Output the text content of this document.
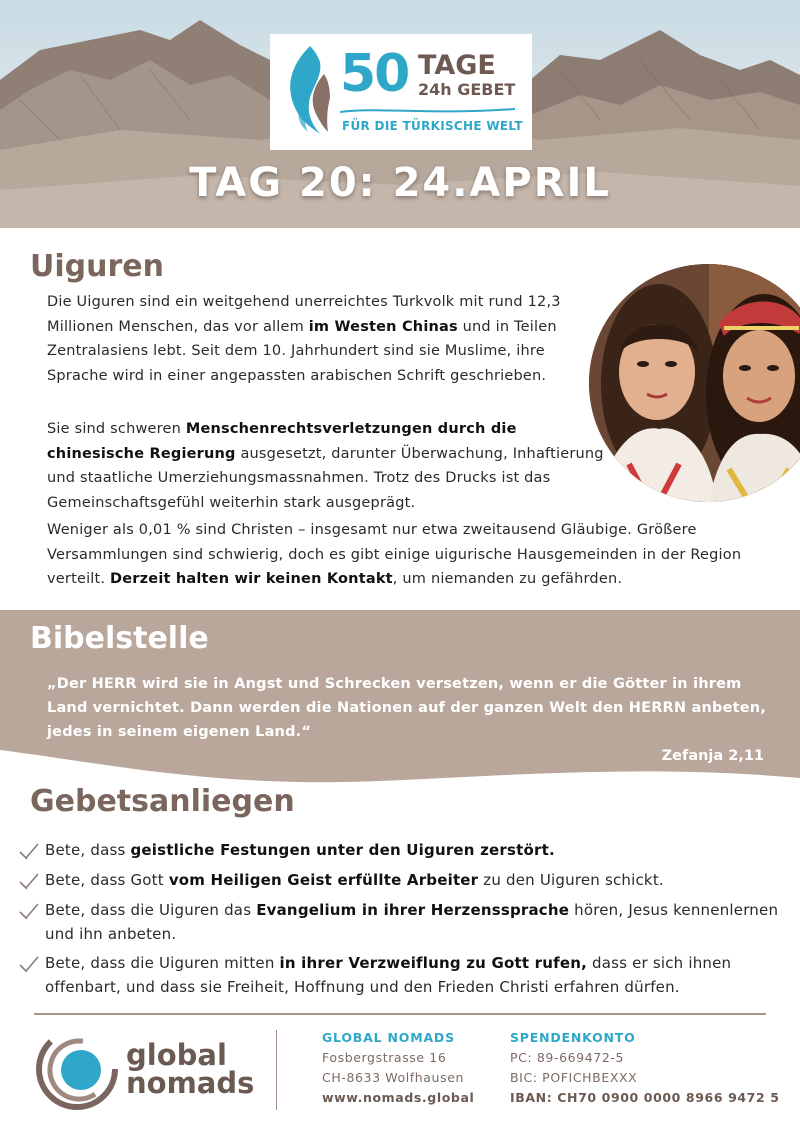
50 TAGE
24h GEBET
FÜR DIE TÜRKISCHE WELT
TAG 20: 24.APRIL
Uiguren
Die Uiguren sind ein weitgehend unerreichtes Turkvolk mit rund 12,3 Millionen Menschen, das vor allem im Westen Chinas und in Teilen Zentralasiens lebt. Seit dem 10. Jahrhundert sind sie Muslime, ihre Sprache wird in einer angepassten arabischen Schrift geschrieben.
Sie sind schweren Menschenrechtsverletzungen durch die chinesische Regierung ausgesetzt, darunter Überwachung, Inhaftierung und staatliche Umerziehungsmassnahmen. Trotz des Drucks ist das Gemeinschaftsgefühl weiterhin stark ausgeprägt.
Weniger als 0,01 % sind Christen – insgesamt nur etwa zweitausend Gläubige. Größere Versammlungen sind schwierig, doch es gibt einige uigurische Hausgemeinden in der Region verteilt. Derzeit halten wir keinen Kontakt, um niemanden zu gefährden.
Bibelstelle
„Der HERR wird sie in Angst und Schrecken versetzen, wenn er die Götter in ihrem Land vernichtet. Dann werden die Nationen auf der ganzen Welt den HERRN anbeten, jedes in seinem eigenen Land.“
Zefanja 2,11
Gebetsanliegen
Bete, dass geistliche Festungen unter den Uiguren zerstört.
Bete, dass Gott vom Heiligen Geist erfüllte Arbeiter zu den Uiguren schickt.
Bete, dass die Uiguren das Evangelium in ihrer Herzenssprache hören, Jesus kennenlernen und ihn anbeten.
Bete, dass die Uiguren mitten in ihrer Verzweiflung zu Gott rufen, dass er sich ihnen offenbart, und dass sie Freiheit, Hoffnung und den Frieden Christi erfahren dürfen.
global
nomads
GLOBAL NOMADS
Fosbergstrasse 16
CH-8633 Wolfhausen
www.nomads.global
SPENDENKONTO
PC: 89-669472-5
BIC: POFICHBEXXX
IBAN: CH70 0900 0000 8966 9472 5
